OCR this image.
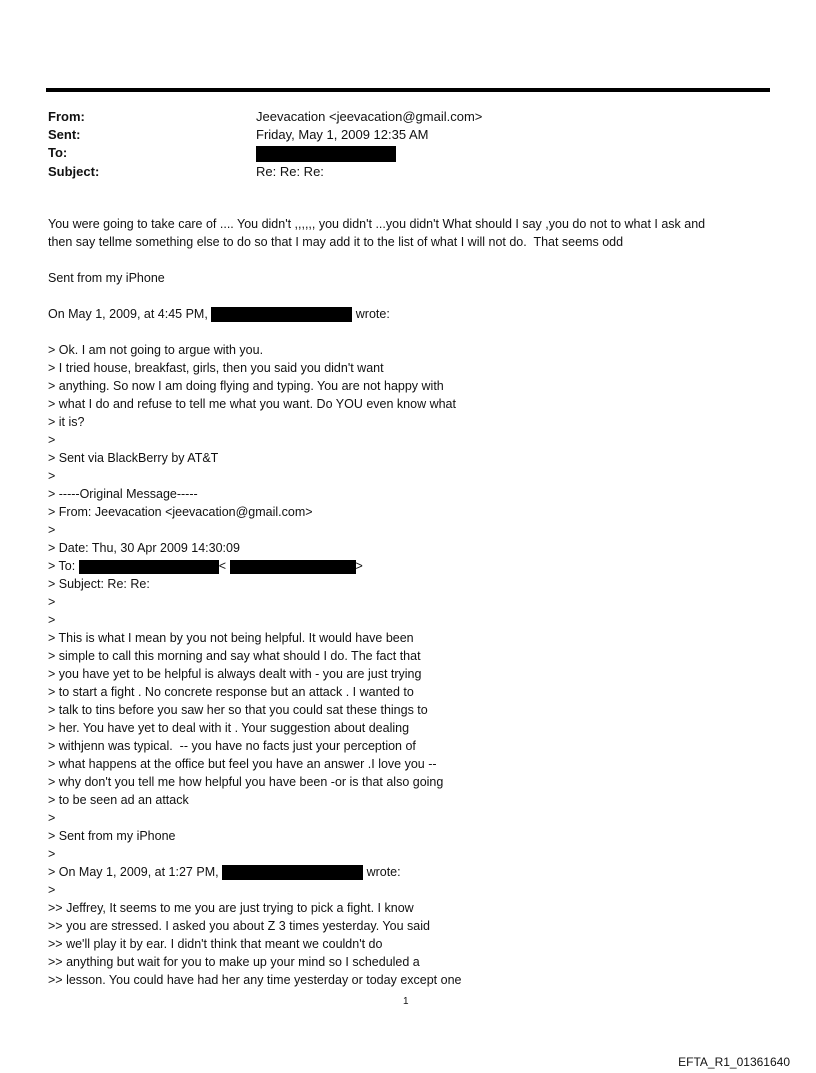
From:	Jeevacation <jeevacation@gmail.com>
Sent:	Friday, May 1, 2009 12:35 AM
To:
Subject:	Re: Re: Re:
You were going to take care of .... You didn't ,,,,,, you didn't ...you didn't What should I say ,you do not to what I ask and
then say tellme something else to do so that I may add it to the list of what I will not do.  That seems odd
Sent from my iPhone
On May 1, 2009, at 4:45 PM,	wrote:
> Ok. I am not going to argue with you.
> I tried house, breakfast, girls, then you said you didn't want
> anything. So now I am doing flying and typing. You are not happy with
> what I do and refuse to tell me what you want. Do YOU even know what
> it is?
>
> Sent via BlackBerry by AT&T
>
> -----Original Message-----
> From: Jeevacation <jeevacation@gmail.com>
>
> Date: Thu, 30 Apr 2009 14:30:09
> To:	<	>
> Subject: Re: Re:
>
>
> This is what I mean by you not being helpful. It would have been
> simple to call this morning and say what should I do. The fact that
> you have yet to be helpful is always dealt with - you are just trying
> to start a fight . No concrete response but an attack . I wanted to
> talk to tins before you saw her so that you could sat these things to
> her. You have yet to deal with it . Your suggestion about dealing
> withjenn was typical.  -- you have no facts just your perception of
> what happens at the office but feel you have an answer .I love you --
> why don't you tell me how helpful you have been -or is that also going
> to be seen ad an attack
>
> Sent from my iPhone
>
> On May 1, 2009, at 1:27 PM,	wrote:
>
>> Jeffrey, It seems to me you are just trying to pick a fight. I know
>> you are stressed. I asked you about Z 3 times yesterday. You said
>> we'll play it by ear. I didn't think that meant we couldn't do
>> anything but wait for you to make up your mind so I scheduled a
>> lesson. You could have had her any time yesterday or today except one
1
EFTA_R1_01361640
